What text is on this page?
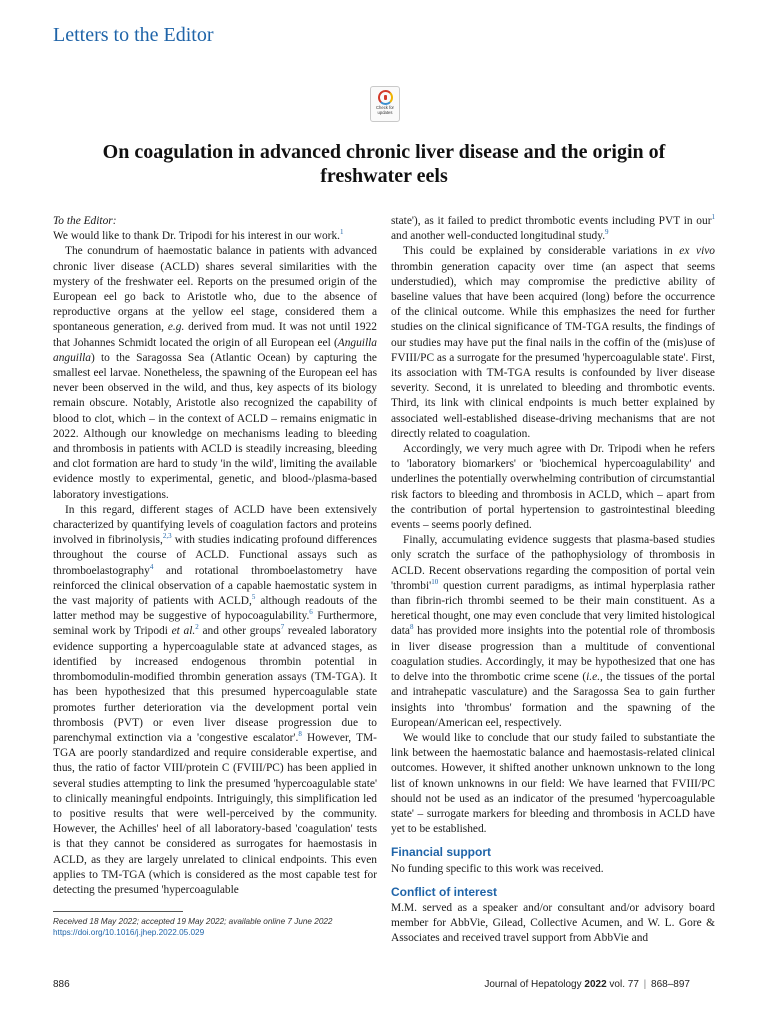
Letters to the Editor
Check for
updates
On coagulation in advanced chronic liver disease and the origin of
freshwater eels

To the Editor:

We would like to thank Dr. Tripodi for his interest in our work.$^1$

The conundrum of haemostatic balance in patients with advanced chronic liver disease (ACLD) shares several similarities with the mystery of the freshwater eel. Reports on the presumed origin of the European eel go back to Aristotle who, due to the absence of reproductive organs at the yellow eel stage, considered them a spontaneous generation, e.g. derived from mud. It was not until 1922 that Johannes Schmidt located the origin of all European eel (Anguilla anguilla) to the Saragossa Sea (Atlantic Ocean) by capturing the smallest eel larvae. Nonetheless, the spawning of the European eel has never been observed in the wild, and thus, key aspects of its biology remain obscure. Notably, Aristotle also recognized the capability of blood to clot, which – in the context of ACLD – remains enigmatic in 2022. Although our knowledge on mechanisms leading to bleeding and thrombosis in patients with ACLD is steadily increasing, bleeding and clot formation are hard to study 'in the wild', limiting the available evidence mostly to experimental, genetic, and blood-/plasma-based laboratory investigations.

In this regard, different stages of ACLD have been extensively characterized by quantifying levels of coagulation factors and proteins involved in fibrinolysis,$^{2,3}$ with studies indicating profound differences throughout the course of ACLD. Functional assays such as thromboelastography$^4$ and rotational thromboelastometry have reinforced the clinical observation of a capable haemostatic system in the vast majority of patients with ACLD,$^5$ although readouts of the latter method may be suggestive of hypocoagulability.$^6$ Furthermore, seminal work by Tripodi et al.$^2$ and other groups$^7$ revealed laboratory evidence supporting a hypercoagulable state at advanced stages, as identified by increased endogenous thrombin potential in thrombomodulin-modified thrombin generation assays (TM-TGA). It has been hypothesized that this presumed hypercoagulable state promotes further deterioration via the development portal vein thrombosis (PVT) or even liver disease progression due to parenchymal extinction via a 'congestive escalator'.$^8$ However, TM-TGA are poorly standardized and require considerable expertise, and thus, the ratio of factor VIII/protein C (FVIII/PC) has been applied in several studies attempting to link the presumed 'hypercoagulable state' to clinically meaningful endpoints. Intriguingly, this simplification led to positive results that were well-perceived by the community. However, the Achilles' heel of all laboratory-based 'coagulation' tests is that they cannot be considered as surrogates for haemostasis in ACLD, as they are largely unrelated to clinical endpoints. This even applies to TM-TGA (which is considered as the most capable test for detecting the presumed 'hypercoagulable

state'), as it failed to predict thrombotic events including PVT in our$^1$ and another well-conducted longitudinal study.$^9$

This could be explained by considerable variations in ex vivo thrombin generation capacity over time (an aspect that seems understudied), which may compromise the predictive ability of baseline values that have been acquired (long) before the occurrence of the clinical outcome. While this emphasizes the need for further studies on the clinical significance of TM-TGA results, the findings of our studies may have put the final nails in the coffin of the (mis)use of FVIII/PC as a surrogate for the presumed 'hypercoagulable state'. First, its association with TM-TGA results is confounded by liver disease severity. Second, it is unrelated to bleeding and thrombotic events. Third, its link with clinical endpoints is much better explained by associated well-established disease-driving mechanisms that are not directly related to coagulation.

Accordingly, we very much agree with Dr. Tripodi when he refers to 'laboratory biomarkers' or 'biochemical hypercoagulability' and underlines the potentially overwhelming contribution of circumstantial risk factors to bleeding and thrombosis in ACLD, which – apart from the contribution of portal hypertension to gastrointestinal bleeding events – seems poorly defined.

Finally, accumulating evidence suggests that plasma-based studies only scratch the surface of the pathophysiology of thrombosis in ACLD. Recent observations regarding the composition of portal vein '$thrombi'^{10}$ question current paradigms, as intimal hyperplasia rather than fibrin-rich thrombi seemed to be their main constituent. As a heretical thought, one may even conclude that very limited histological data$^8$ has provided more insights into the potential role of thrombosis in liver disease progression than a multitude of conventional coagulation studies. Accordingly, it may be hypothesized that one has to delve into the thrombotic crime scene (i.e., the tissues of the portal and intrahepatic vasculature) and the Saragossa Sea to gain further insights into 'thrombus' formation and the spawning of the European/American eel, respectively.

We would like to conclude that our study failed to substantiate the link between the haemostatic balance and haemostasis-related clinical outcomes. However, it shifted another unknown unknown to the long list of known unknowns in our field: We have learned that FVIII/PC should not be used as an indicator of the presumed 'hypercoagulable state' – surrogate markers for bleeding and thrombosis in ACLD have yet to be established.

Financial support

No funding specific to this work was received.

Conflict of interest

M.M. served as a speaker and/or consultant and/or advisory board member for AbbVie, Gilead, Collective Acumen, and W. L. Gore & Associates and received travel support from AbbVie and

Received 18 May 2022; accepted 19 May 2022; available online 7 June 2022
https://doi.org/10.1016/j.jhep.2022.05.029
886	Journal of Hepatology 2022 vol. 77 | 868–897
